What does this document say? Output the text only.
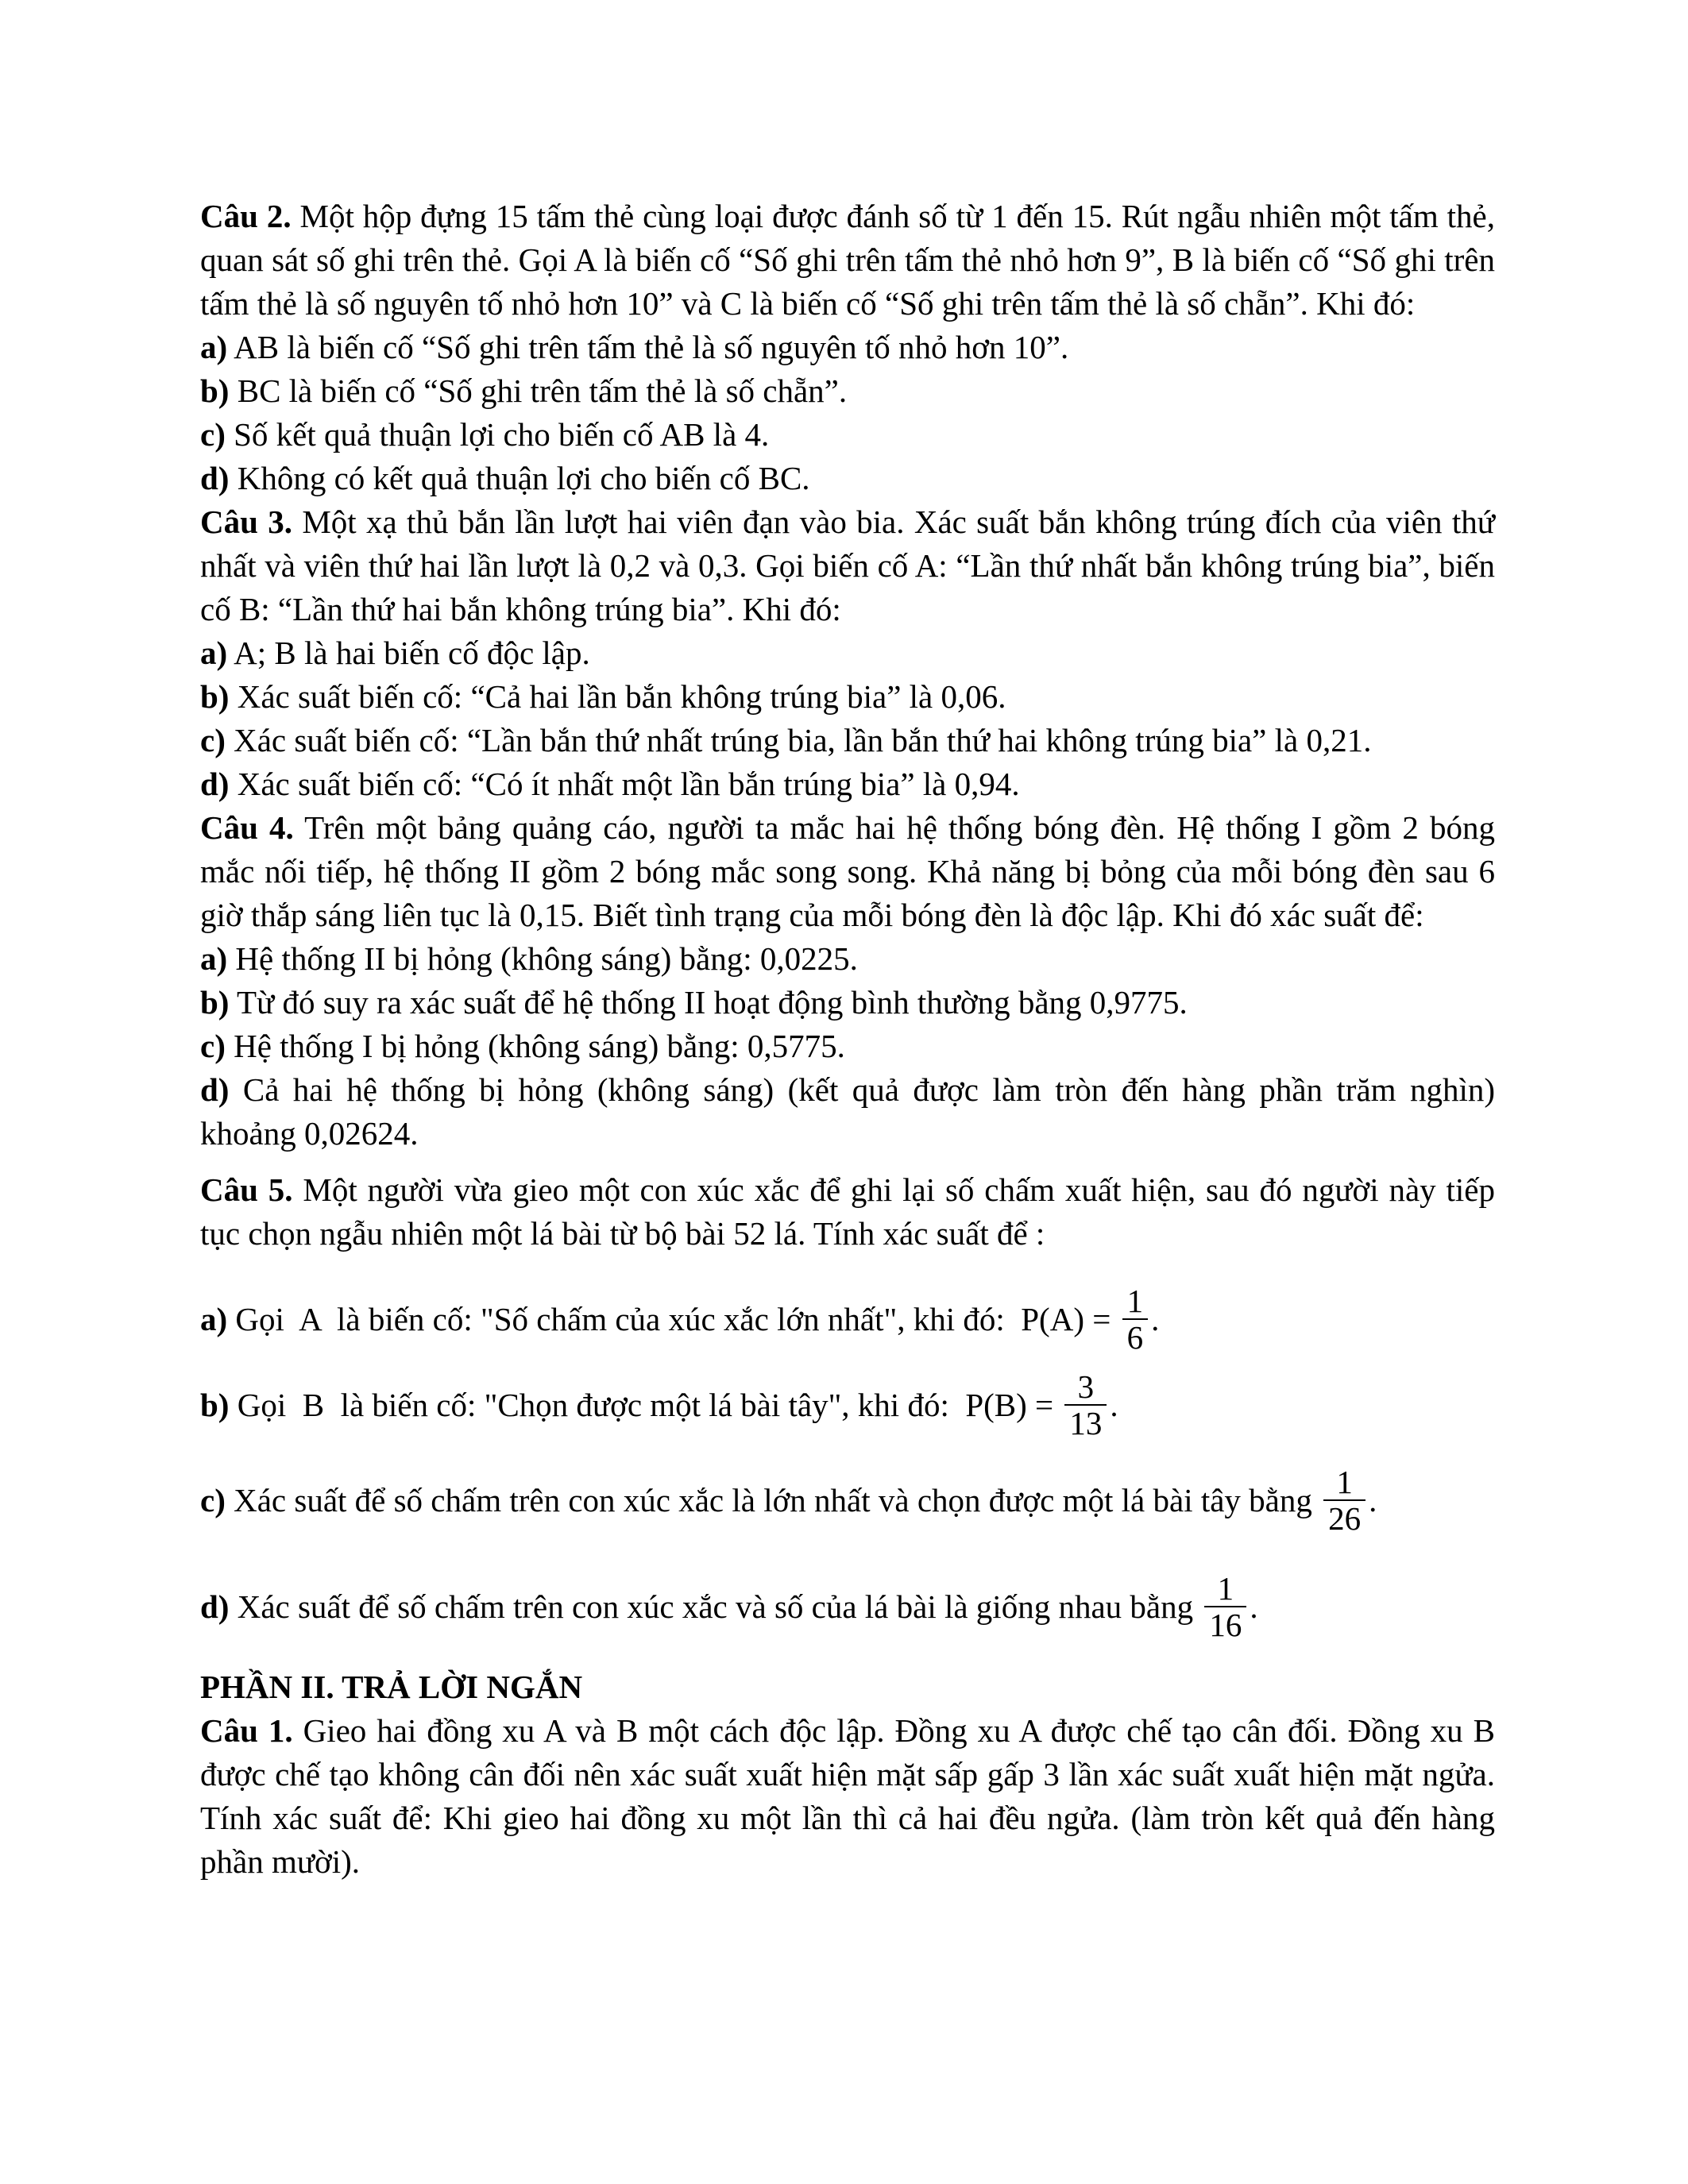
Câu 2. Một hộp đựng 15 tấm thẻ cùng loại được đánh số từ 1 đến 15. Rút ngẫu nhiên một tấm thẻ, quan sát số ghi trên thẻ. Gọi A là biến cố “Số ghi trên tấm thẻ nhỏ hơn 9”, B là biến cố “Số ghi trên tấm thẻ là số nguyên tố nhỏ hơn 10” và C là biến cố “Số ghi trên tấm thẻ là số chẵn”. Khi đó:

a) AB là biến cố “Số ghi trên tấm thẻ là số nguyên tố nhỏ hơn 10”.

b) BC là biến cố “Số ghi trên tấm thẻ là số chẵn”.

c) Số kết quả thuận lợi cho biến cố AB là 4.

d) Không có kết quả thuận lợi cho biến cố BC.

Câu 3. Một xạ thủ bắn lần lượt hai viên đạn vào bia. Xác suất bắn không trúng đích của viên thứ nhất và viên thứ hai lần lượt là 0,2 và 0,3. Gọi biến cố A: “Lần thứ nhất bắn không trúng bia”, biến cố B: “Lần thứ hai bắn không trúng bia”. Khi đó:

a) A; B là hai biến cố độc lập.

b) Xác suất biến cố: “Cả hai lần bắn không trúng bia” là 0,06.

c) Xác suất biến cố: “Lần bắn thứ nhất trúng bia, lần bắn thứ hai không trúng bia” là 0,21.

d) Xác suất biến cố: “Có ít nhất một lần bắn trúng bia” là 0,94.

Câu 4. Trên một bảng quảng cáo, người ta mắc hai hệ thống bóng đèn. Hệ thống I gồm 2 bóng mắc nối tiếp, hệ thống II gồm 2 bóng mắc song song. Khả năng bị bỏng của mỗi bóng đèn sau 6 giờ thắp sáng liên tục là 0,15. Biết tình trạng của mỗi bóng đèn là độc lập. Khi đó xác suất để:

a) Hệ thống II bị hỏng (không sáng) bằng: 0,0225.

b) Từ đó suy ra xác suất để hệ thống II hoạt động bình thường bằng 0,9775.

c) Hệ thống I bị hỏng (không sáng) bằng: 0,5775.

d) Cả hai hệ thống bị hỏng (không sáng) (kết quả được làm tròn đến hàng phần trăm nghìn) khoảng 0,02624.

Câu 5. Một người vừa gieo một con xúc xắc để ghi lại số chấm xuất hiện, sau đó người này tiếp tục chọn ngẫu nhiên một lá bài từ bộ bài 52 lá. Tính xác suất để :

a) Gọi  A  là biến cố: "Số chấm của xúc xắc lớn nhất", khi đó:  $P(A) = \frac{1}{6}$ .
b) Gọi  B  là biến cố: "Chọn được một lá bài tây", khi đó:  $P(B) = \frac{3}{13}$ .
c) Xác suất để số chấm trên con xúc xắc là lớn nhất và chọn được một lá bài tây bằng $\frac{1}{26}$ .
d) Xác suất để số chấm trên con xúc xắc và số của lá bài là giống nhau bằng $\frac{1}{16}$ .

PHẦN II. TRẢ LỜI NGẮN

Câu 1. Gieo hai đồng xu A và B một cách độc lập. Đồng xu A được chế tạo cân đối. Đồng xu B được chế tạo không cân đối nên xác suất xuất hiện mặt sấp gấp 3 lần xác suất xuất hiện mặt ngửa. Tính xác suất để: Khi gieo hai đồng xu một lần thì cả hai đều ngửa. (làm tròn kết quả đến hàng phần mười).
